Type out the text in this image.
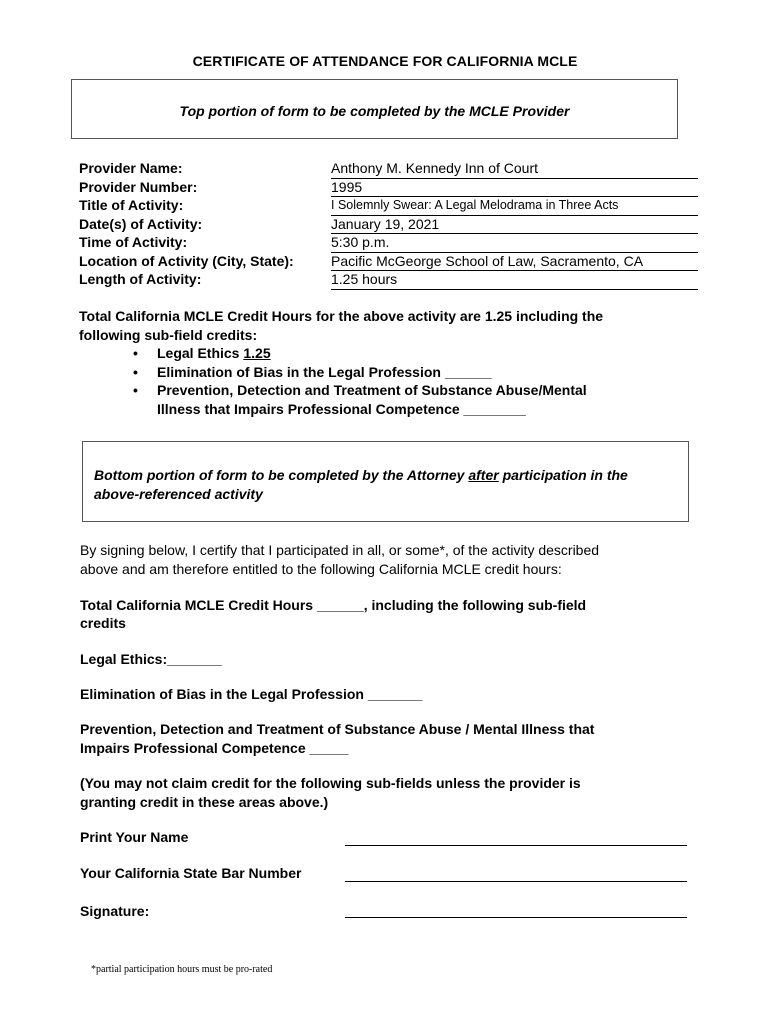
CERTIFICATE OF ATTENDANCE FOR CALIFORNIA MCLE
Top portion of form to be completed by the MCLE Provider
Provider Name:	Anthony M. Kennedy Inn of Court
Provider Number:	1995
Title of Activity:	I Solemnly Swear: A Legal Melodrama in Three Acts
Date(s) of Activity:	January 19, 2021
Time of Activity:	5:30 p.m.
Location of Activity (City, State):	Pacific McGeorge School of Law, Sacramento, CA
Length of Activity:	1.25 hours
Total California MCLE Credit Hours for the above activity are 1.25 including the
following sub-field credits:
• Legal Ethics 1.25
• Elimination of Bias in the Legal Profession ______
• Prevention, Detection and Treatment of Substance Abuse/Mental
Illness that Impairs Professional Competence ________
Bottom portion of form to be completed by the Attorney after participation in the
above-referenced activity
By signing below, I certify that I participated in all, or some*, of the activity described
above and am therefore entitled to the following California MCLE credit hours:
Total California MCLE Credit Hours ______, including the following sub-field
credits
Legal Ethics:_______
Elimination of Bias in the Legal Profession _______
Prevention, Detection and Treatment of Substance Abuse / Mental Illness that
Impairs Professional Competence _____
(You may not claim credit for the following sub-fields unless the provider is
granting credit in these areas above.)
Print Your Name
Your California State Bar Number
Signature:
*partial participation hours must be pro-rated
